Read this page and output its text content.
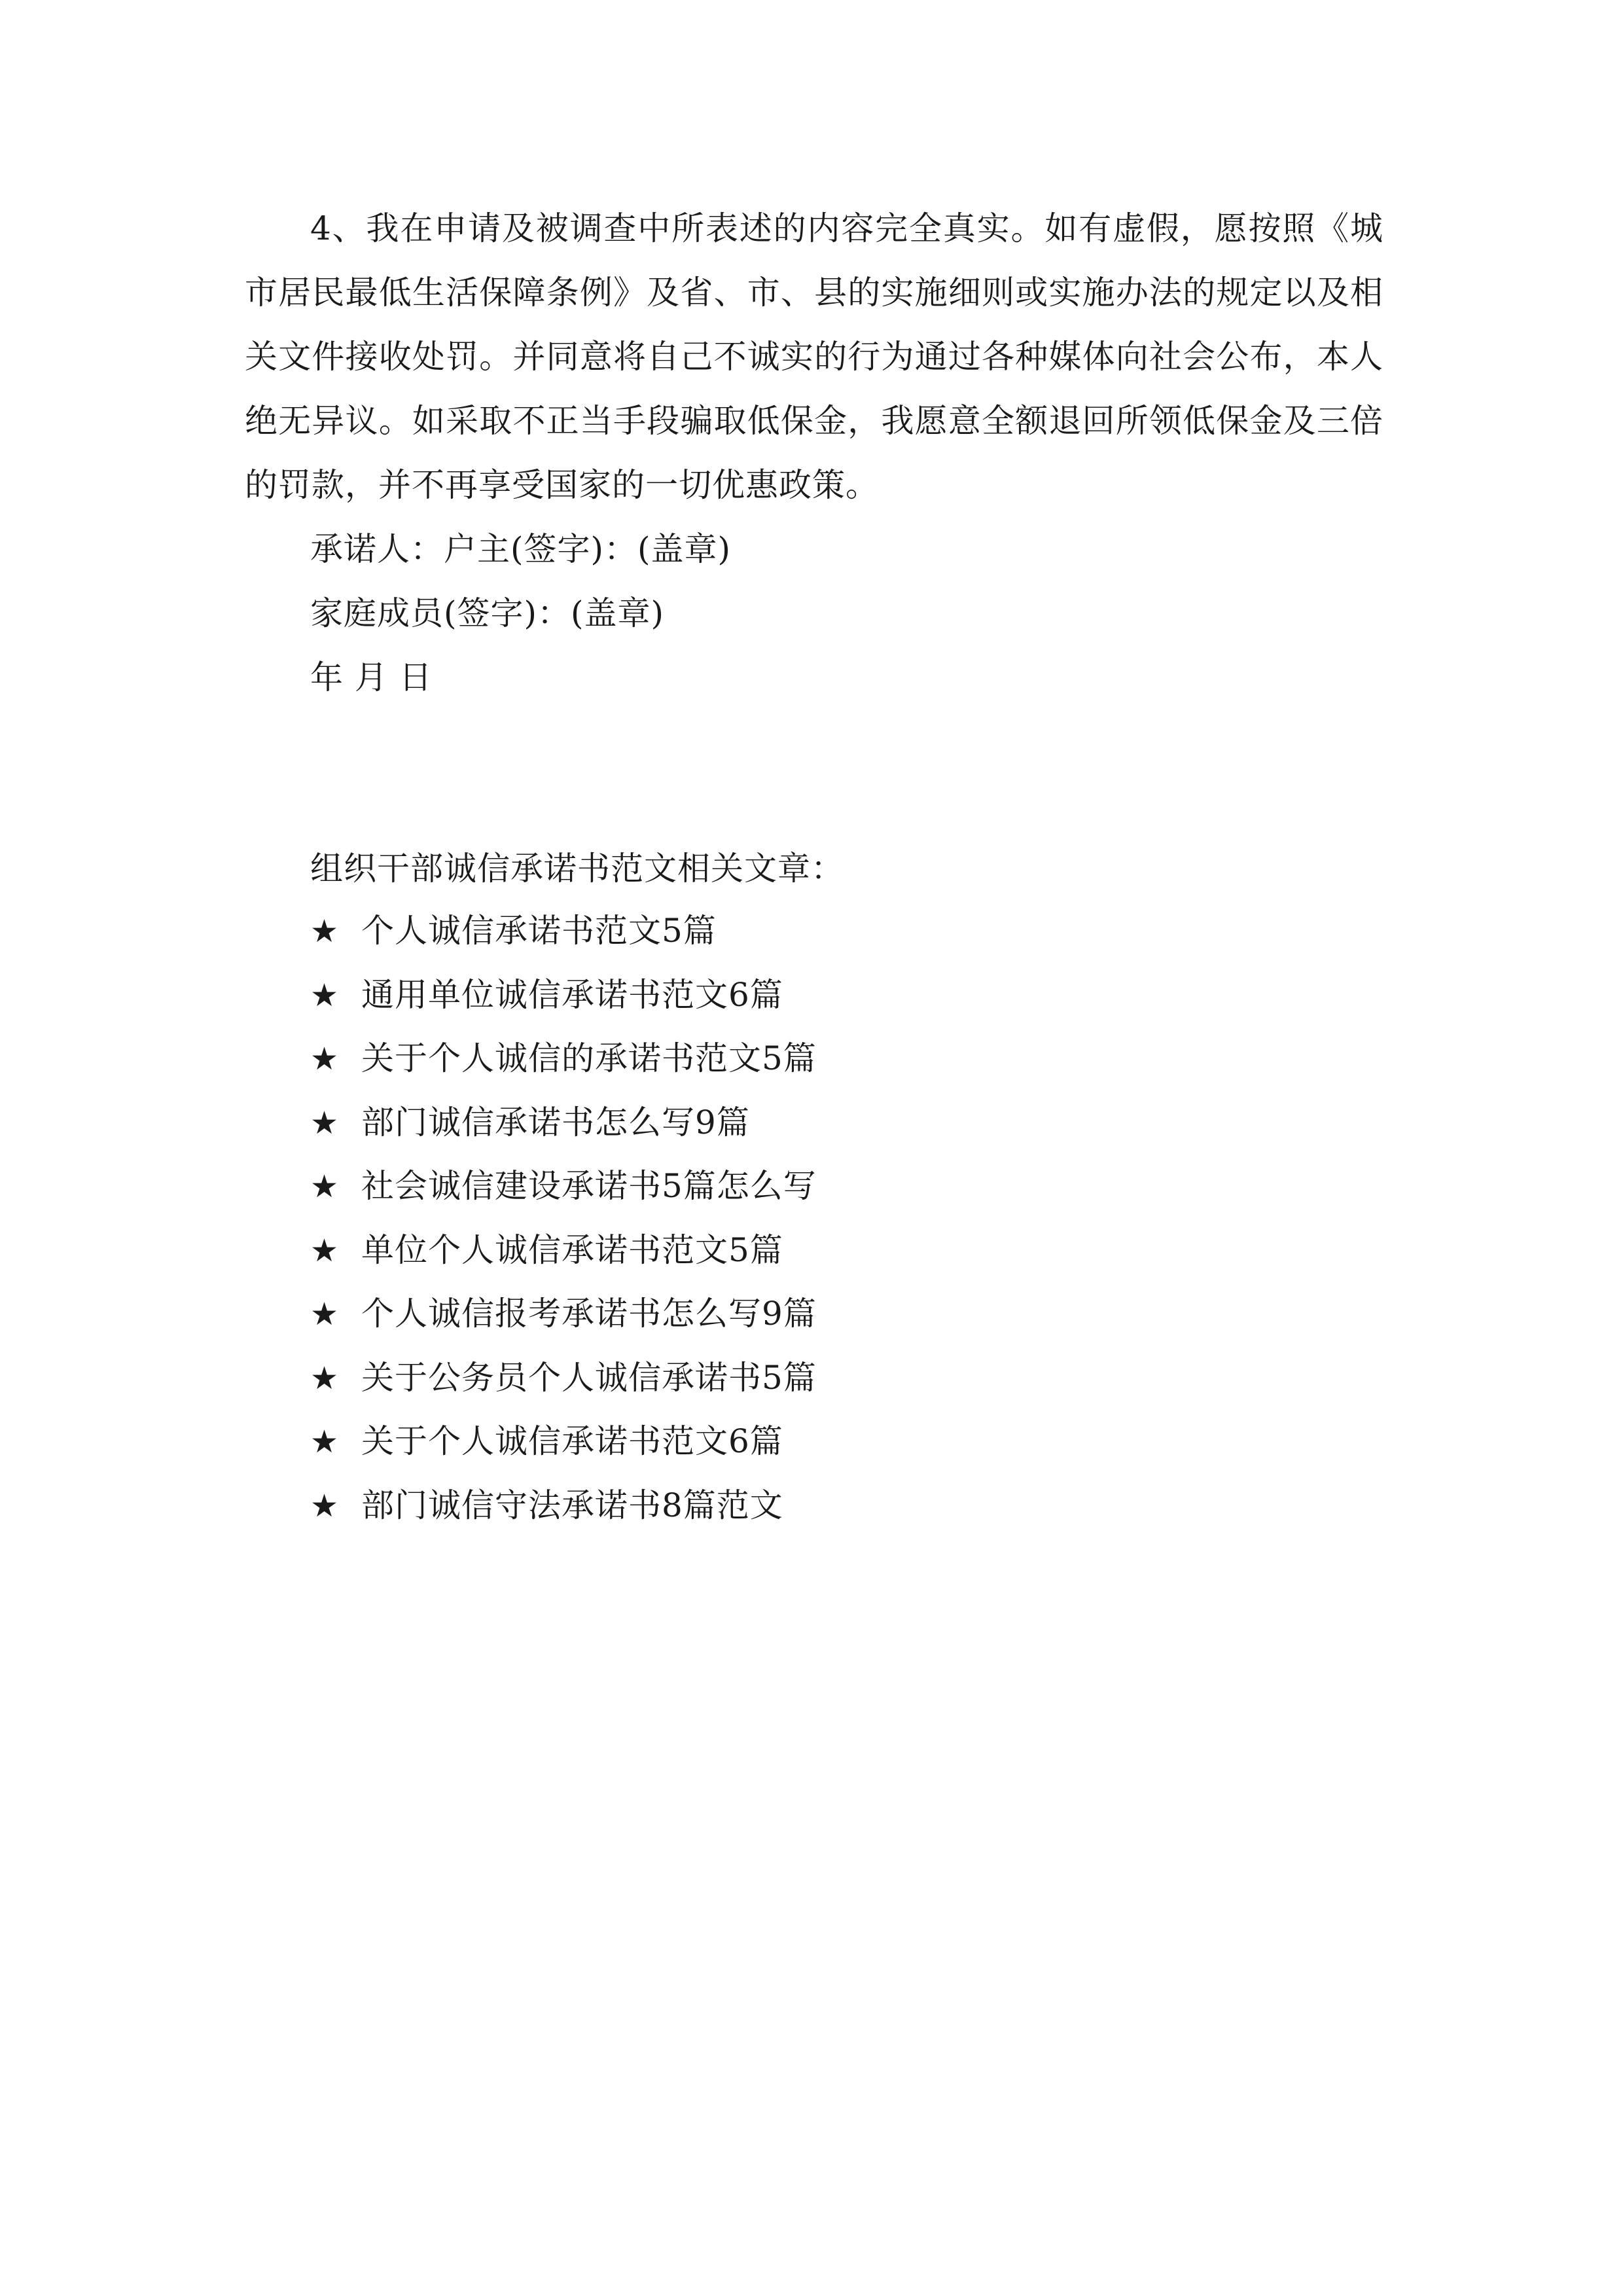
4、我在申请及被调查中所表述的内容完全真实。如有虚假，愿按照《城市居民最低生活保障条例》及省、市、县的实施细则或实施办法的规定以及相关文件接收处罚。并同意将自己不诚实的行为通过各种媒体向社会公布，本人绝无异议。如采取不正当手段骗取低保金，我愿意全额退回所领低保金及三倍的罚款，并不再享受国家的一切优惠政策。

承诺人：户主(签字)：(盖章)

家庭成员(签字)：(盖章)

年 月 日

组织干部诚信承诺书范文相关文章：

★ 个人诚信承诺书范文5篇
★ 通用单位诚信承诺书范文6篇
★ 关于个人诚信的承诺书范文5篇
★ 部门诚信承诺书怎么写9篇
★ 社会诚信建设承诺书5篇怎么写
★ 单位个人诚信承诺书范文5篇
★ 个人诚信报考承诺书怎么写9篇
★ 关于公务员个人诚信承诺书5篇
★ 关于个人诚信承诺书范文6篇
★ 部门诚信守法承诺书8篇范文
